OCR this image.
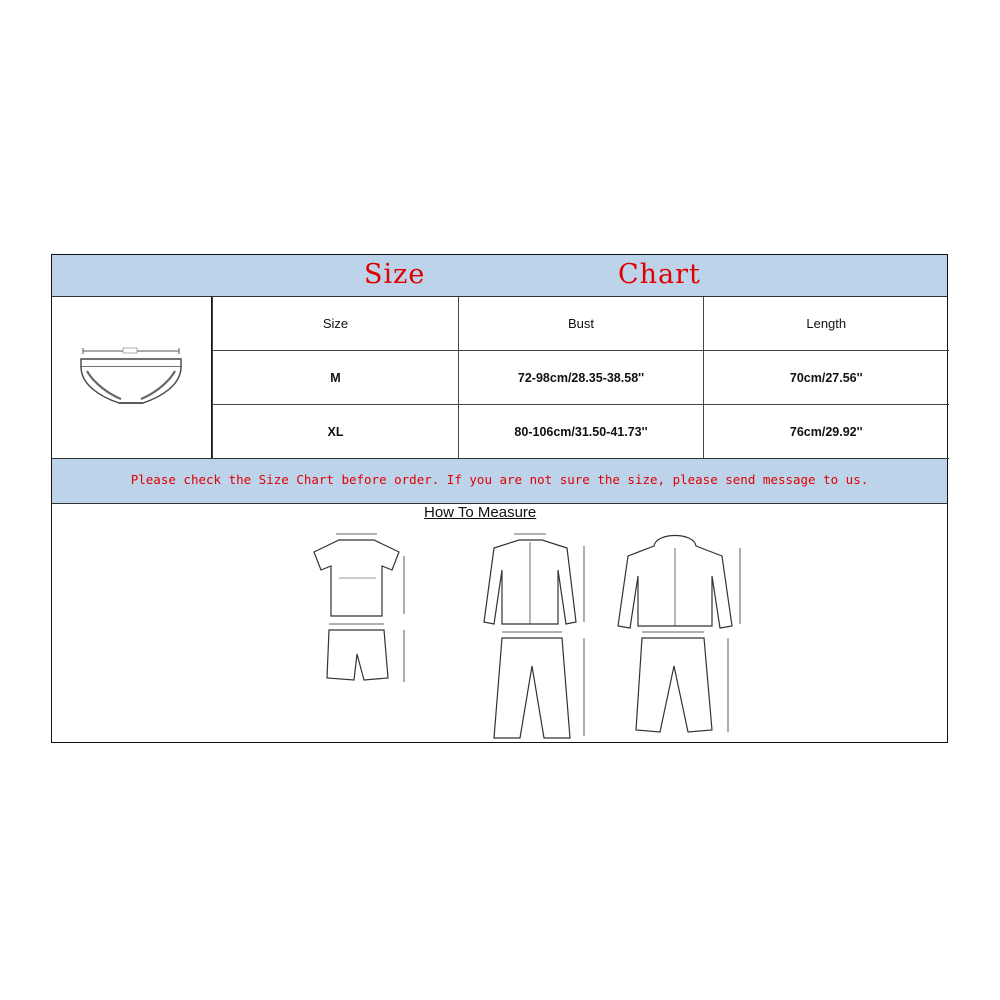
Size	Chart
Size	Bust	Length
M	72-98cm/28.35-38.58''	70cm/27.56''
XL	80-106cm/31.50-41.73''	76cm/29.92''
Please check the Size Chart before order. If you are not sure the size, please send message to us.
How To Measure
